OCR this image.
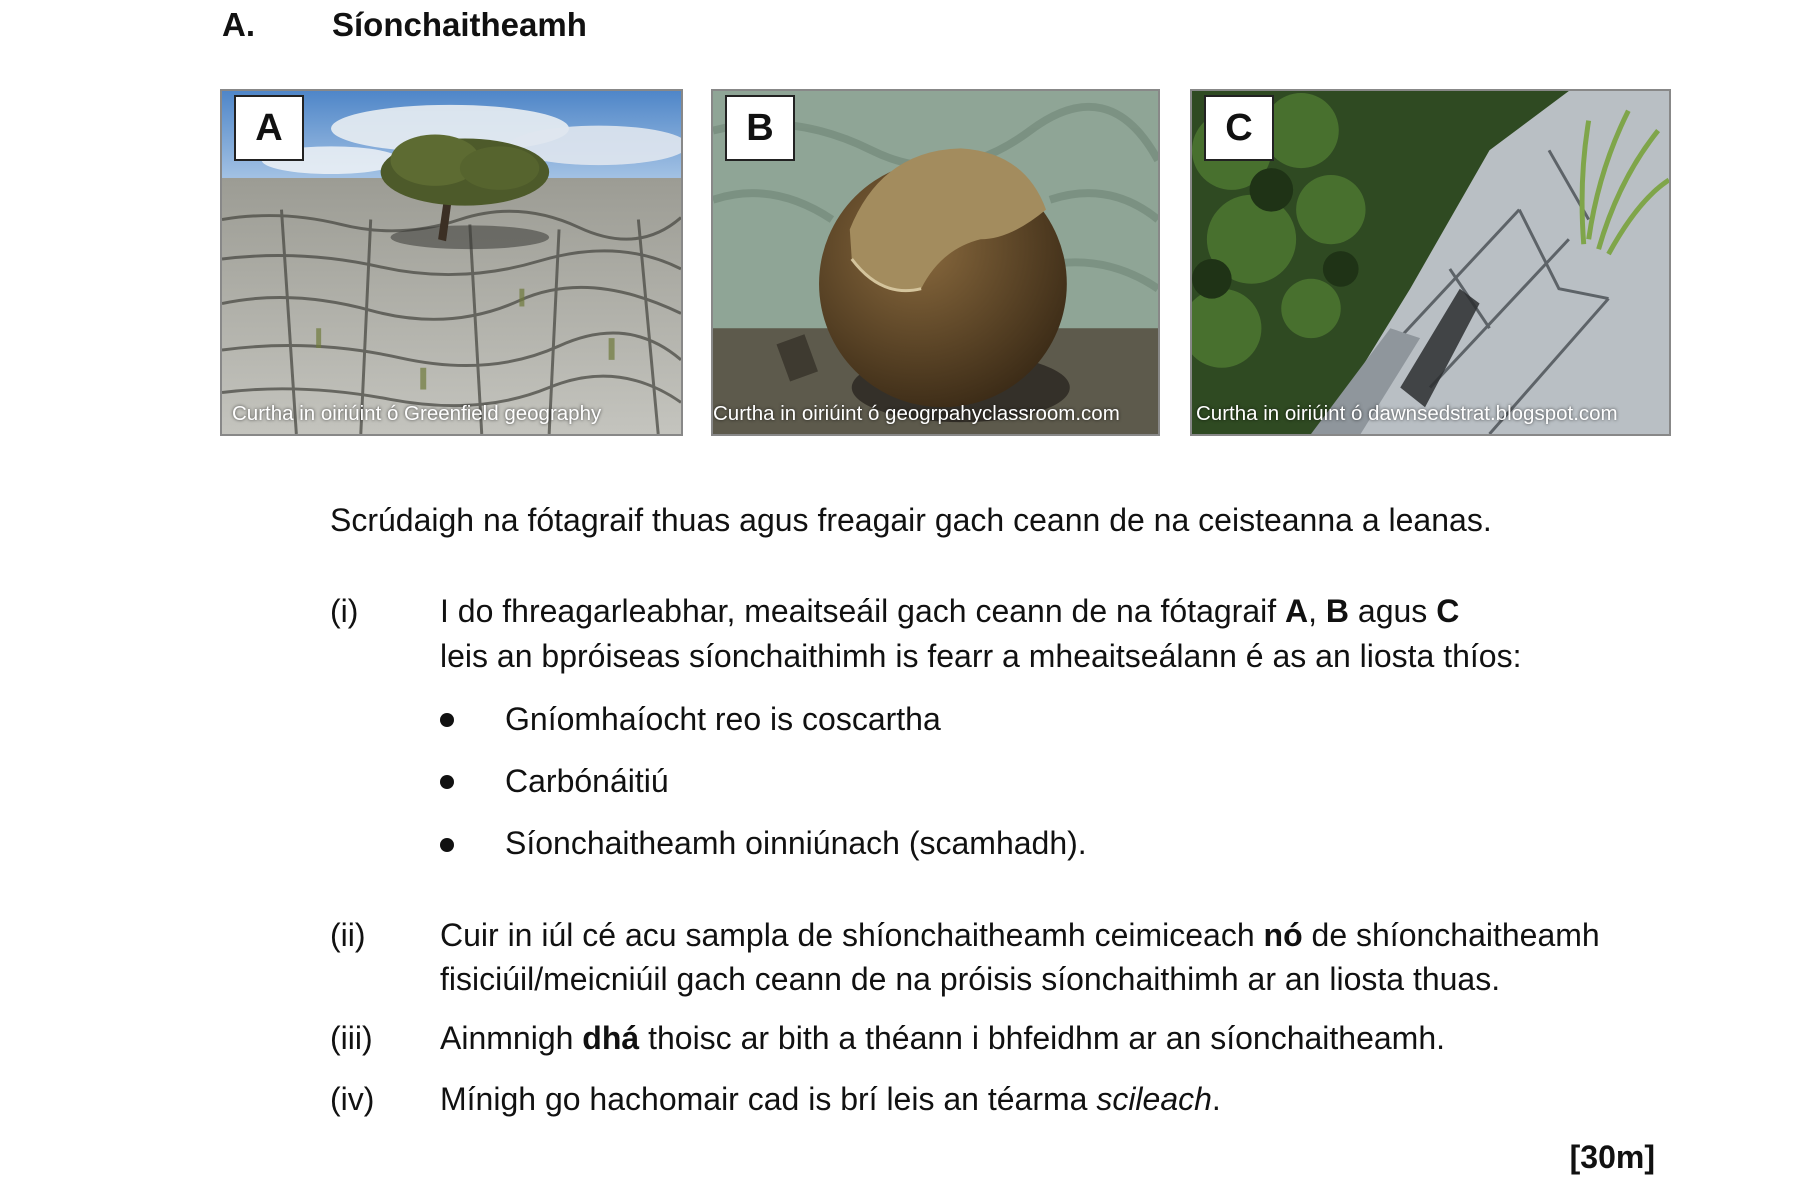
A. Síonchaitheamh
A
Curtha in oiriúint ó Greenfield geography
B
Curtha in oiriúint ó geogrpahyclassroom.com
C
Curtha in oiriúint ó dawnsedstrat.blogspot.com
Scrúdaigh na fótagraif thuas agus freagair gach ceann de na ceisteanna a leanas.
(i)	I do fhreagarleabhar, meaitseáil gach ceann de na fótagraif A, B agus C
leis an bpróiseas síonchaithimh is fearr a mheaitseálann é as an liosta thíos:
Gníomhaíocht reo is coscartha
Carbónáitiú
Síonchaitheamh oinniúnach (scamhadh).
(ii) Cuir in iúl cé acu sampla de shíonchaitheamh ceimiceach nó de shíonchaitheamh
fisiciúil/meicniúil gach ceann de na próisis síonchaithimh ar an liosta thuas.
(iii) Ainmnigh dhá thoisc ar bith a théann i bhfeidhm ar an síonchaitheamh.
(iv) Mínigh go hachomair cad is brí leis an téarma scileach.
[30m]
